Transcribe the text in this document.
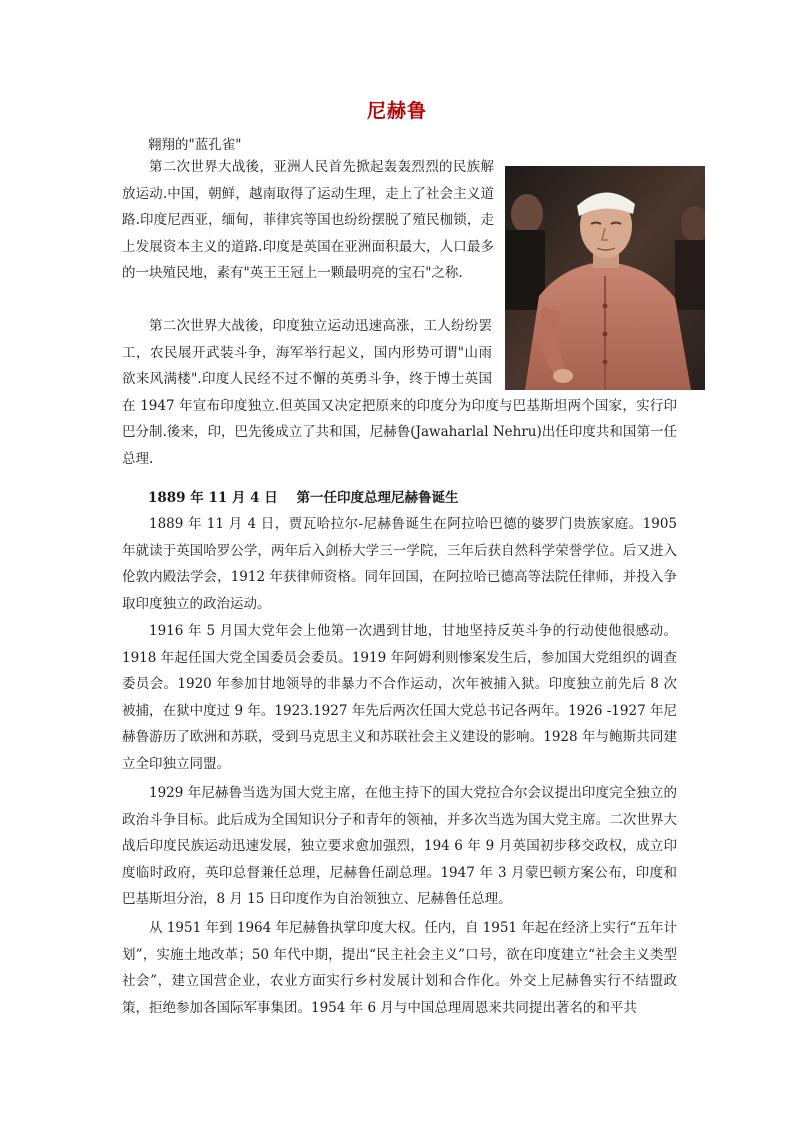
尼赫鲁
翱翔的"蓝孔雀"

第二次世界大战後，亚洲人民首先掀起轰轰烈烈的民族解放运动.中国，朝鲜，越南取得了运动生理，走上了社会主义道路.印度尼西亚，缅甸，菲律宾等国也纷纷摆脱了殖民枷锁，走上发展资本主义的道路.印度是英国在亚洲面积最大，人口最多的一块殖民地，素有"英王王冠上一颗最明亮的宝石"之称.

第二次世界大战後，印度独立运动迅速高涨，工人纷纷罢工，农民展开武装斗争，海军举行起义，国内形势可谓"山雨欲来风满楼".印度人民经不过不懈的英勇斗争，终于博士英国在 1947 年宣布印度独立.但英国又决定把原来的印度分为印度与巴基斯坦两个国家，实行印巴分制.後来，印，巴先後成立了共和国，尼赫鲁(Jawaharlal Nehru)出任印度共和国第一任总理.
1889 年 11 月 4 日    第一任印度总理尼赫鲁诞生

1889 年 11 月 4 日，贾瓦哈拉尔-尼赫鲁诞生在阿拉哈巴德的婆罗门贵族家庭。1905 年就读于英国哈罗公学，两年后入剑桥大学三一学院，三年后获自然科学荣誉学位。后又进入伦敦内殿法学会，1912 年获律师资格。同年回国，在阿拉哈已德高等法院任律师，并投入争取印度独立的政治运动。

1916 年 5 月国大党年会上他第一次遇到甘地，甘地坚持反英斗争的行动使他很感动。1918 年起任国大党全国委员会委员。1919 年阿姆利则惨案发生后，参加国大党组织的调查委员会。1920 年参加甘地领导的非暴力不合作运动，次年被捕入狱。印度独立前先后 8 次被捕，在狱中度过 9 年。1923.1927 年先后两次任国大党总书记各两年。1926 -1927 年尼赫鲁游历了欧洲和苏联，受到马克思主义和苏联社会主义建设的影响。1928 年与鲍斯共同建立全印独立同盟。

1929 年尼赫鲁当选为国大党主席，在他主持下的国大党拉合尔会议提出印度完全独立的政治斗争目标。此后成为全国知识分子和青年的领袖，并多次当选为国大党主席。二次世界大战后印度民族运动迅速发展，独立要求愈加强烈，194 6 年 9 月英国初步移交政权，成立印度临时政府，英印总督兼任总理，尼赫鲁任副总理。1947 年 3 月蒙巴顿方案公布，印度和巴基斯坦分治，8 月 15 日印度作为自治领独立、尼赫鲁任总理。

从 1951 年到 1964 年尼赫鲁执掌印度大权。任内，自 1951 年起在经济上实行“五年计划”，实施土地改革；50 年代中期，提出“民主社会主义”口号，欲在印度建立“社会主义类型社会”，建立国营企业，农业方面实行乡村发展计划和合作化。外交上尼赫鲁实行不结盟政策，拒绝参加各国际军事集团。1954 年 6 月与中国总理周恩来共同提出著名的和平共
